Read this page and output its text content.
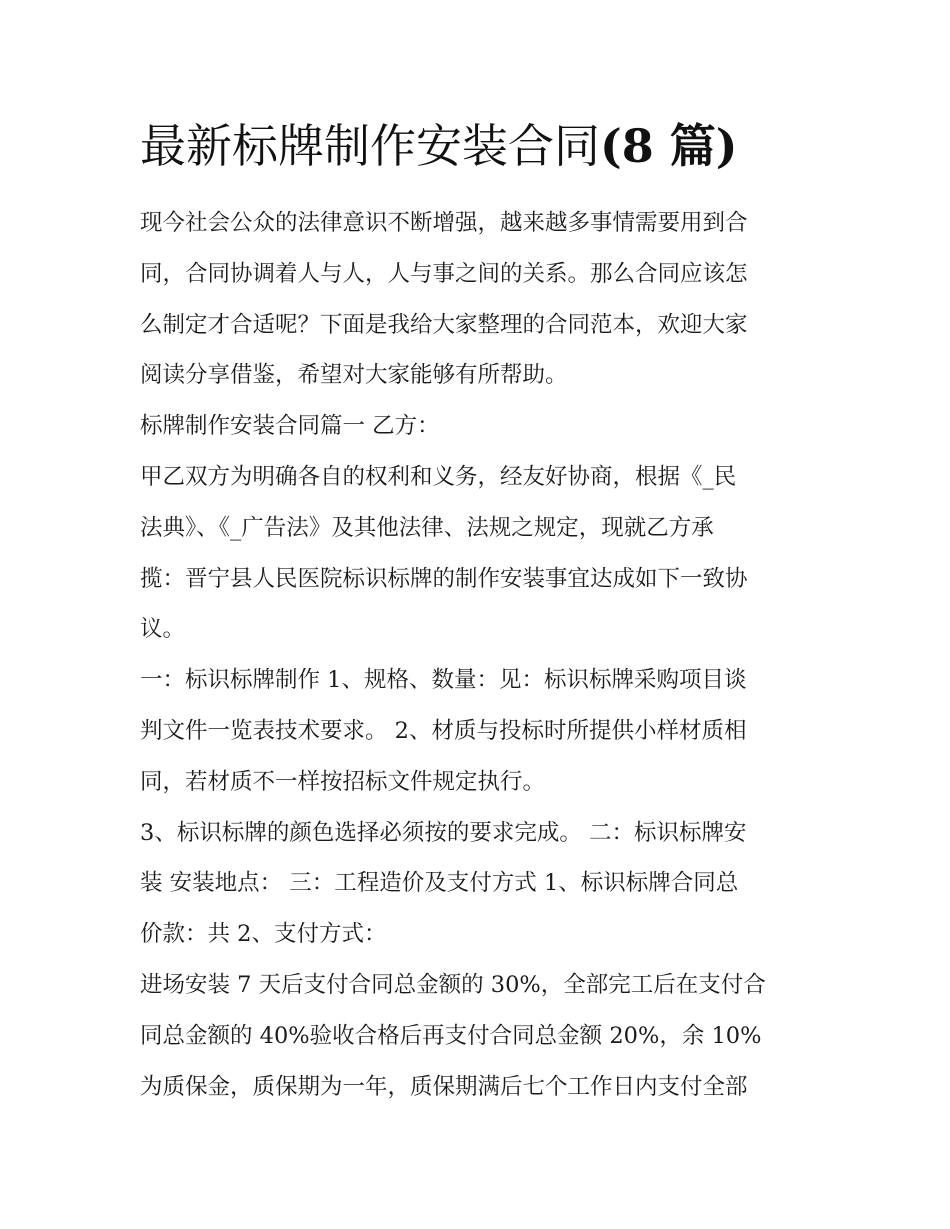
最新标牌制作安装合同(8 篇)
现今社会公众的法律意识不断增强，越来越多事情需要用到合
同，合同协调着人与人，人与事之间的关系。那么合同应该怎
么制定才合适呢？下面是我给大家整理的合同范本，欢迎大家
阅读分享借鉴，希望对大家能够有所帮助。
标牌制作安装合同篇一 乙方：
甲乙双方为明确各自的权利和义务，经友好协商，根据《_民
法典》、《_广告法》及其他法律、法规之规定，现就乙方承
揽：晋宁县人民医院标识标牌的制作安装事宜达成如下一致协
议。
一：标识标牌制作 1、规格、数量：见：标识标牌采购项目谈
判文件一览表技术要求。 2、材质与投标时所提供小样材质相
同，若材质不一样按招标文件规定执行。
3、标识标牌的颜色选择必须按的要求完成。 二：标识标牌安
装 安装地点： 三：工程造价及支付方式 1、标识标牌合同总
价款：共 2、支付方式：
进场安装 7 天后支付合同总金额的 30%，全部完工后在支付合
同总金额的 40%验收合格后再支付合同总金额 20%，余 10%
为质保金，质保期为一年，质保期满后七个工作日内支付全部
